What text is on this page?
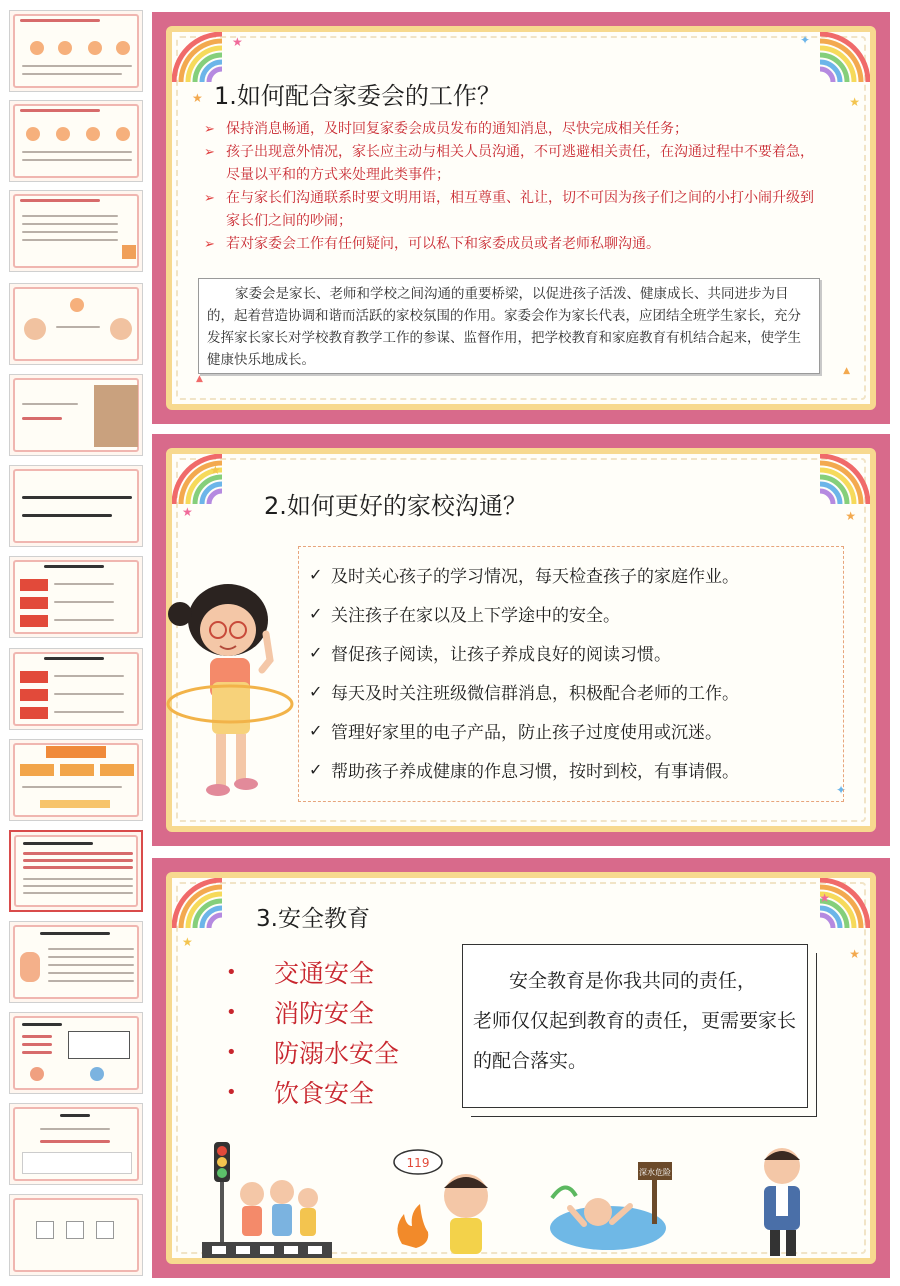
★
★	★
✦
▲
▲
1.如何配合家委会的工作？
➢ 保持消息畅通，及时回复家委会成员发布的通知消息，尽快完成相关任务；
➢ 孩子出现意外情况，家长应主动与相关人员沟通，不可逃避相关责任，在沟通过程中不要着急，尽量以平和的方式来处理此类事件；
➢ 在与家长们沟通联系时要文明用语，相互尊重、礼让，切不可因为孩子们之间的小打小闹升级到家长们之间的吵闹；
➢ 若对家委会工作有任何疑问，可以私下和家委成员或者老师私聊沟通。

家委会是家长、老师和学校之间沟通的重要桥梁，以促进孩子活泼、健康成长、共同进步为目的，起着营造协调和谐而活跃的家校氛围的作用。家委会作为家长代表，应团结全班学生家长，充分发挥家长家长对学校教育教学工作的参谋、监督作用，把学校教育和家庭教育有机结合起来，使学生健康快乐地成长。

★
★	★
✦
2.如何更好的家校沟通？
✓ 及时关心孩子的学习情况，每天检查孩子的家庭作业。
✓ 关注孩子在家以及上下学途中的安全。
✓ 督促孩子阅读，让孩子养成良好的阅读习惯。
✓ 每天及时关注班级微信群消息，积极配合老师的工作。
✓ 管理好家里的电子产品，防止孩子过度使用或沉迷。
✓ 帮助孩子养成健康的作息习惯，按时到校，有事请假。
★
★
★
3.安全教育
•	交通安全
•	消防安全
•	防溺水安全
•	饮食安全

安全教育是你我共同的责任，

老师仅仅起到教育的责任，更需要家长的配合落实。

119
深水危险
